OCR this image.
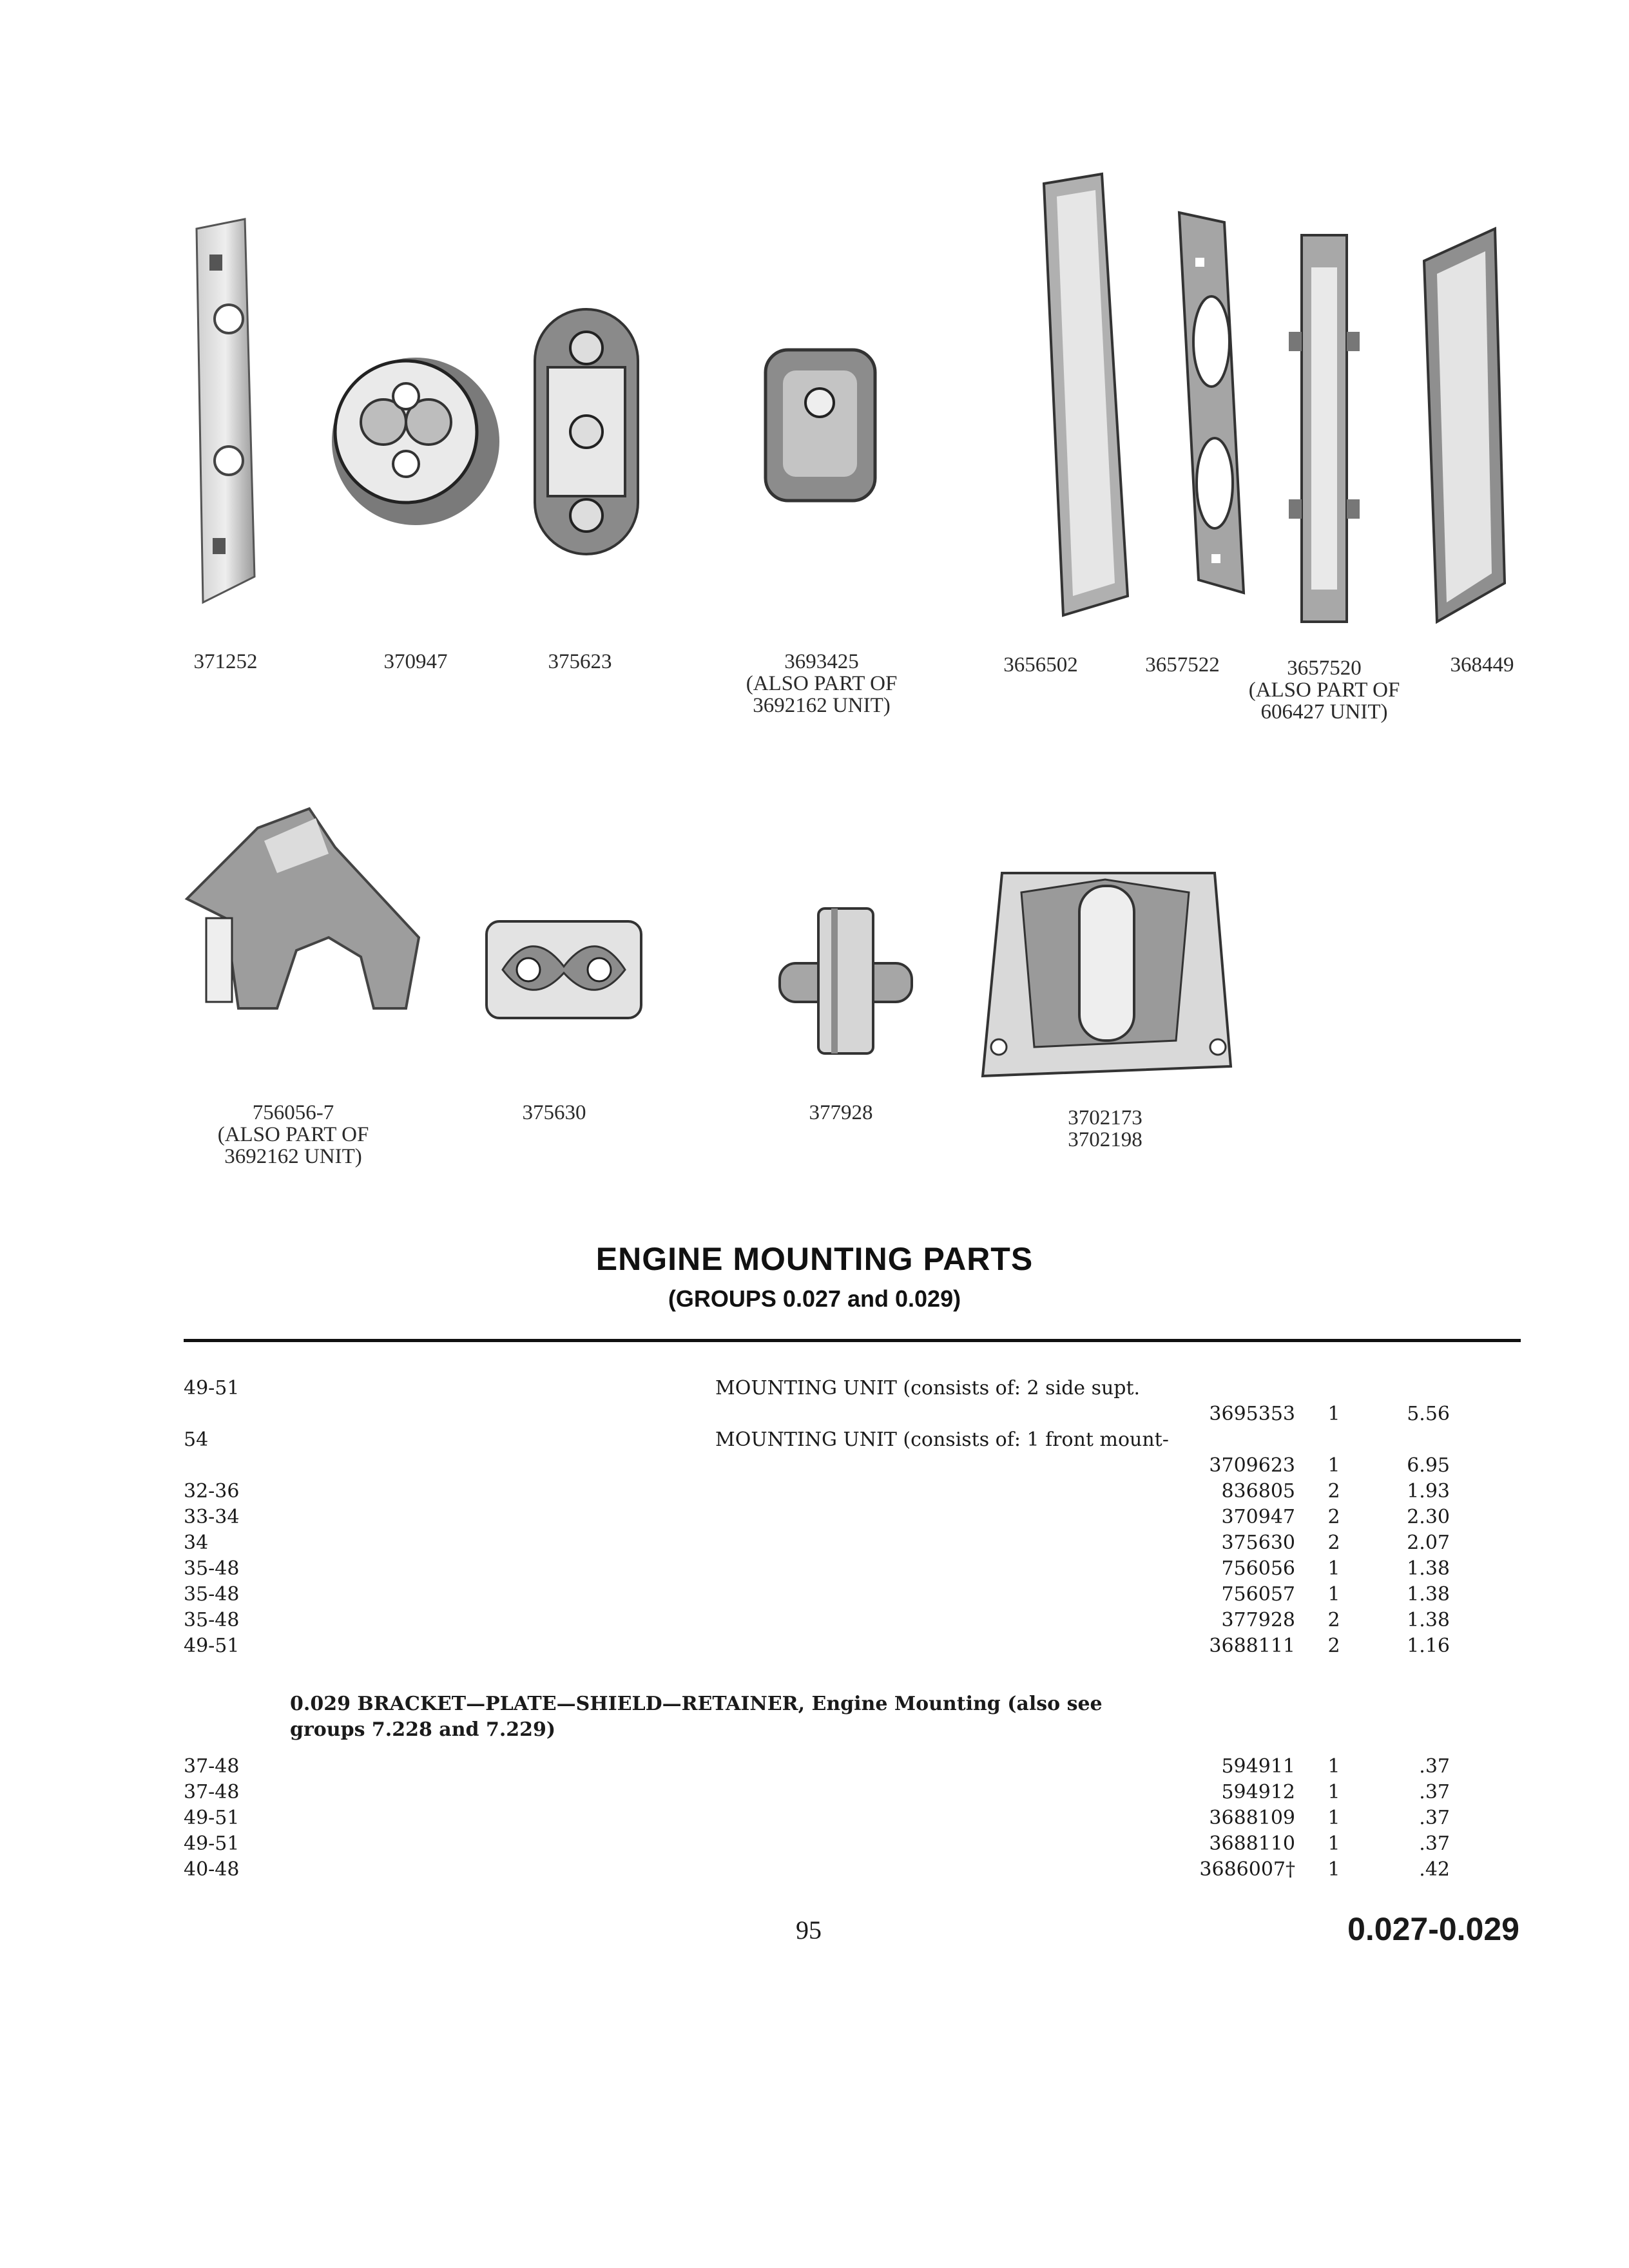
371252	370947	375623	3693425
(ALSO PART OF
3692162 UNIT)
3656502	3657522	3657520
(ALSO PART OF
606427 UNIT)
368449
756056-7
(ALSO PART OF
3692162 UNIT)
375630	377928	3702173
3702198
ENGINE MOUNTING PARTS
(GROUPS 0.027 and 0.029)
49-51	MOUNTING UNIT (consists of: 2 side supt.
3695353	1	5.56
54	MOUNTING UNIT (consists of: 1 front mount-
3709623	1	6.95
32-36	836805	2	1.93
33-34	370947	2	2.30
34	375630	2	2.07
35-48	756056	1	1.38
35-48	756057	1	1.38
35-48	377928	2	1.38
49-51	3688111	2	1.16
0.029 BRACKET—PLATE—SHIELD—RETAINER, Engine Mounting (also see
groups 7.228 and 7.229)
37-48	594911	1	.37
37-48	594912	1	.37
49-51	3688109	1	.37
49-51	3688110	1	.37
40-48	3686007†	1	.42
95	0.027-0.029
